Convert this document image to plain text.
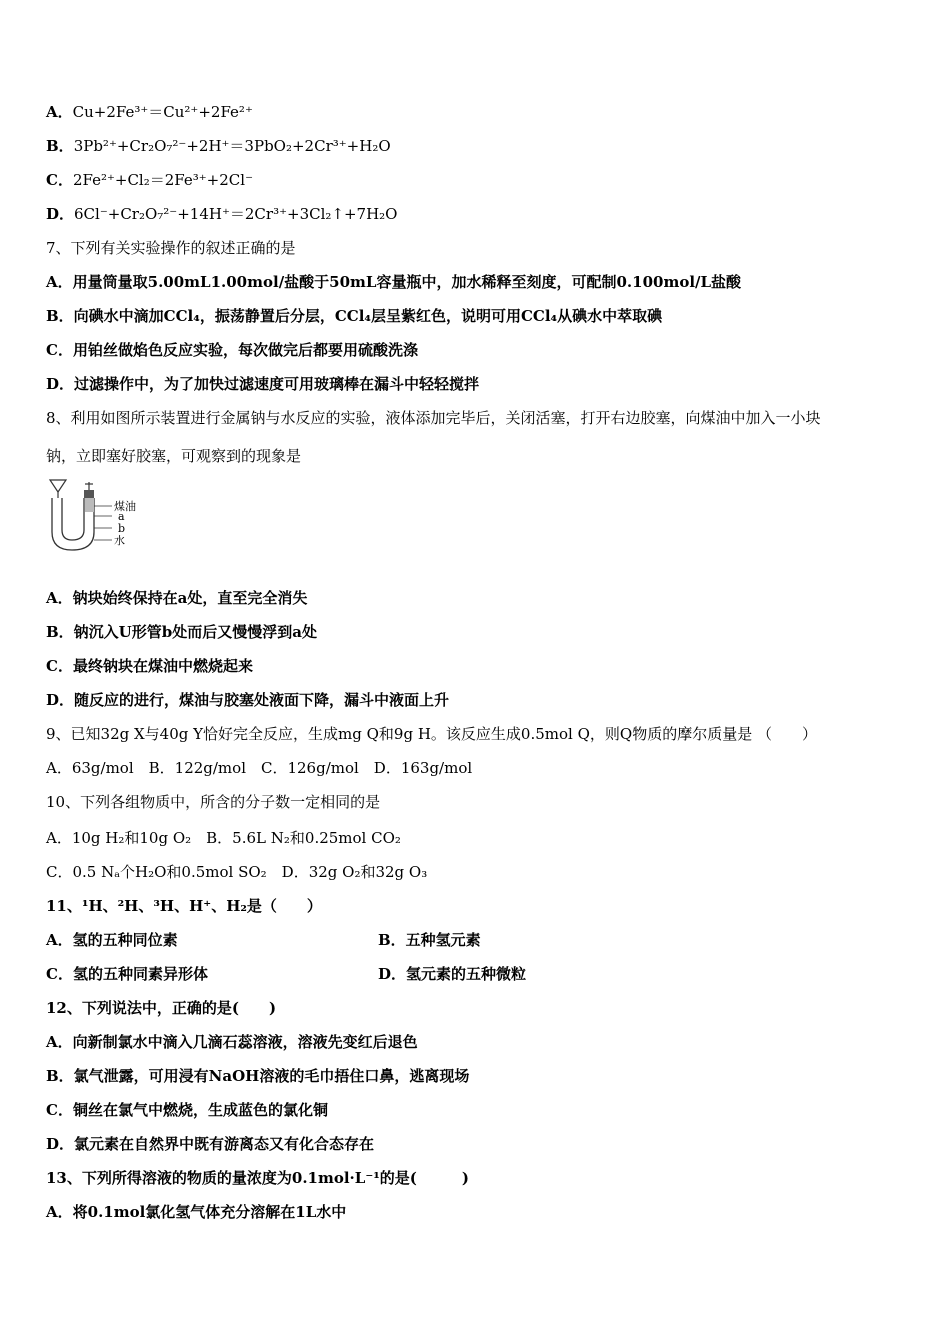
A．Cu+2Fe³⁺＝Cu²⁺+2Fe²⁺
B．3Pb²⁺+Cr₂O₇²⁻+2H⁺＝3PbO₂+2Cr³⁺+H₂O
C．2Fe²⁺+Cl₂＝2Fe³⁺+2Cl⁻
D．6Cl⁻+Cr₂O₇²⁻+14H⁺＝2Cr³⁺+3Cl₂↑+7H₂O
7、下列有关实验操作的叙述正确的是
A．用量筒量取5.00mL1.00mol/盐酸于50mL容量瓶中，加水稀释至刻度，可配制0.100mol/L盐酸
B．向碘水中滴加CCl₄，振荡静置后分层，CCl₄层呈紫红色，说明可用CCl₄从碘水中萃取碘
C．用铂丝做焰色反应实验，每次做完后都要用硫酸洗涤
D．过滤操作中，为了加快过滤速度可用玻璃棒在漏斗中轻轻搅拌
8、利用如图所示装置进行金属钠与水反应的实验，液体添加完毕后，关闭活塞，打开右边胶塞，向煤油中加入一小块
钠，立即塞好胶塞，可观察到的现象是
煤油
a
b
水
A．钠块始终保持在a处，直至完全消失
B．钠沉入U形管b处而后又慢慢浮到a处
C．最终钠块在煤油中燃烧起来
D．随反应的进行，煤油与胶塞处液面下降，漏斗中液面上升
9、已知32g X与40g Y恰好完全反应，生成mg Q和9g H。该反应生成0.5mol Q，则Q物质的摩尔质量是 （　　）
A．63g/mol　B．122g/mol　C．126g/mol　D．163g/mol
10、下列各组物质中，所含的分子数一定相同的是
A．10g H₂和10g O₂　B．5.6L N₂和0.25mol CO₂
C．0.5 Nₐ个H₂O和0.5mol SO₂　D．32g O₂和32g O₃
11、¹H、²H、³H、H⁺、H₂是（　　）
A．氢的五种同位素	B．五种氢元素
C．氢的五种同素异形体	D．氢元素的五种微粒
12、下列说法中，正确的是(　　)
A．向新制氯水中滴入几滴石蕊溶液，溶液先变红后退色
B．氯气泄露，可用浸有NaOH溶液的毛巾捂住口鼻，逃离现场
C．铜丝在氯气中燃烧，生成蓝色的氯化铜
D．氯元素在自然界中既有游离态又有化合态存在
13、下列所得溶液的物质的量浓度为0.1mol·L⁻¹的是(　　　)
A．将0.1mol氯化氢气体充分溶解在1L水中
